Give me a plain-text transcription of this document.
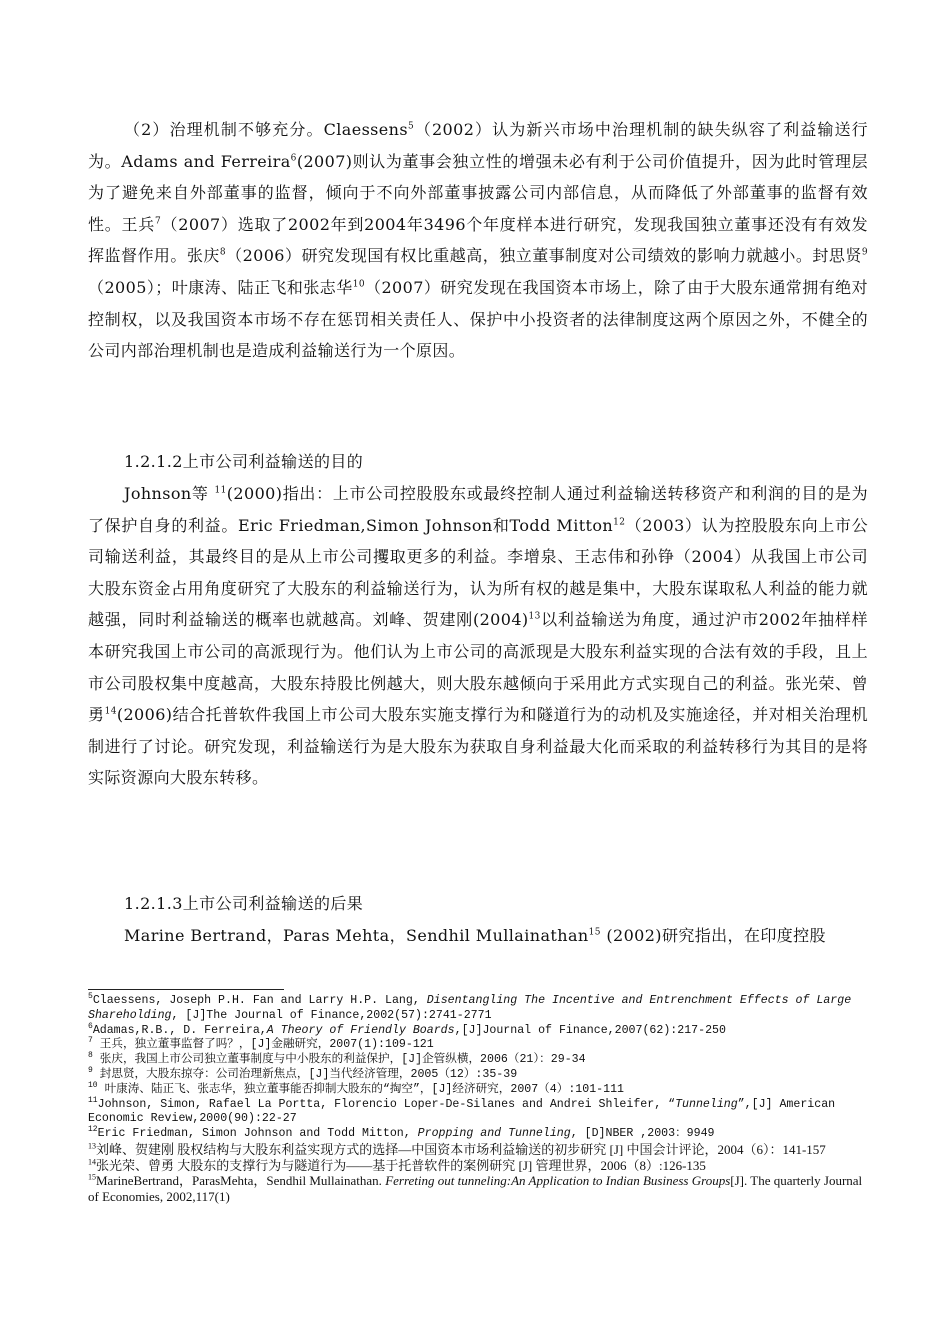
（2）治理机制不够充分。Claessens$^5$（2002）认为新兴市场中治理机制的缺失纵容了利益输送行为。Adams and Ferreira$^6$(2007)则认为董事会独立性的增强未必有利于公司价值提升，因为此时管理层为了避免来自外部董事的监督，倾向于不向外部董事披露公司内部信息，从而降低了外部董事的监督有效性。王兵$^7$（2007）选取了2002年到2004年3496个年度样本进行研究，发现我国独立董事还没有有效发挥监督作用。张庆$^8$（2006）研究发现国有权比重越高，独立董事制度对公司绩效的影响力就越小。封思贤$^9$（2005）；叶康涛、陆正飞和张志华$^{10}$（2007）研究发现在我国资本市场上，除了由于大股东通常拥有绝对控制权，以及我国资本市场不存在惩罚相关责任人、保护中小投资者的法律制度这两个原因之外，不健全的公司内部治理机制也是造成利益输送行为一个原因。

1.2.1.2上市公司利益输送的目的

Johnson等 $^{11}$(2000)指出：上市公司控股股东或最终控制人通过利益输送转移资产和利润的目的是为了保护自身的利益。Eric Friedman,Simon Johnson和Todd Mitton$^{12}$（2003）认为控股股东向上市公司输送利益，其最终目的是从上市公司攫取更多的利益。李增泉、王志伟和孙铮（2004）从我国上市公司大股东资金占用角度研究了大股东的利益输送行为，认为所有权的越是集中，大股东谋取私人利益的能力就越强，同时利益输送的概率也就越高。刘峰、贺建刚$(2004)^{13}$以利益输送为角度，通过沪市2002年抽样样本研究我国上市公司的高派现行为。他们认为上市公司的高派现是大股东利益实现的合法有效的手段，且上市公司股权集中度越高，大股东持股比例越大，则大股东越倾向于采用此方式实现自己的利益。张光荣、曾勇$^{14}$(2006)结合托普软件我国上市公司大股东实施支撑行为和隧道行为的动机及实施途径，并对相关治理机制进行了讨论。研究发现，利益输送行为是大股东为获取自身利益最大化而采取的利益转移行为其目的是将实际资源向大股东转移。

1.2.1.3上市公司利益输送的后果

Marine Bertrand，Paras Mehta，Sendhil Mullainathan$^{15}$ (2002)研究指出，在印度控股

$^5$Claessens, Joseph P.H. Fan and Larry H.P. Lang, Disentangling The Incentive and Entrenchment Effects of Large Shareholding, [J]The Journal of Finance,2002(57):2741-2771

$^6$Adamas,R.B., D. Ferreira,A Theory of Friendly Boards,[J]Journal of Finance,2007(62):217-250

$^7$ 王兵，独立董事监督了吗？，[J]金融研究，2007(1):109-121

$^8$ 张庆，我国上市公司独立董事制度与中小股东的利益保护，[J]企管纵横，2006（21）：29-34

$^9$ 封思贤，大股东掠夺：公司治理新焦点，[J]当代经济管理，2005（12）:35-39

$^{10}$ 叶康涛、陆正飞、张志华，独立董事能否抑制大股东的“掏空”，[J]经济研究，2007（4）:101-111

$^{11}$Johnson, Simon, Rafael La Portta, Florencio Loper-De-Silanes and Andrei Shleifer, “Tunneling”,[J] American Economic Review,2000(90):22-27

$^{12}$Eric Friedman, Simon Johnson and Todd Mitton, Propping and Tunneling, [D]NBER ,2003：9949

$^{13}$刘峰、贺建刚 股权结构与大股东利益实现方式的选择—中国资本市场利益输送的初步研究 [J] 中国会计评论，2004（6）：141-157

$^{14}$张光荣、曾勇 大股东的支撑行为与隧道行为——基于托普软件的案例研究 [J] 管理世界，2006（8）:126-135

$^{15}$MarineBertrand，ParasMehta，Sendhil Mullainathan. Ferreting out tunneling:An Application to Indian Business Groups[J]. The quarterly Journal of Economies, 2002,117(1)
